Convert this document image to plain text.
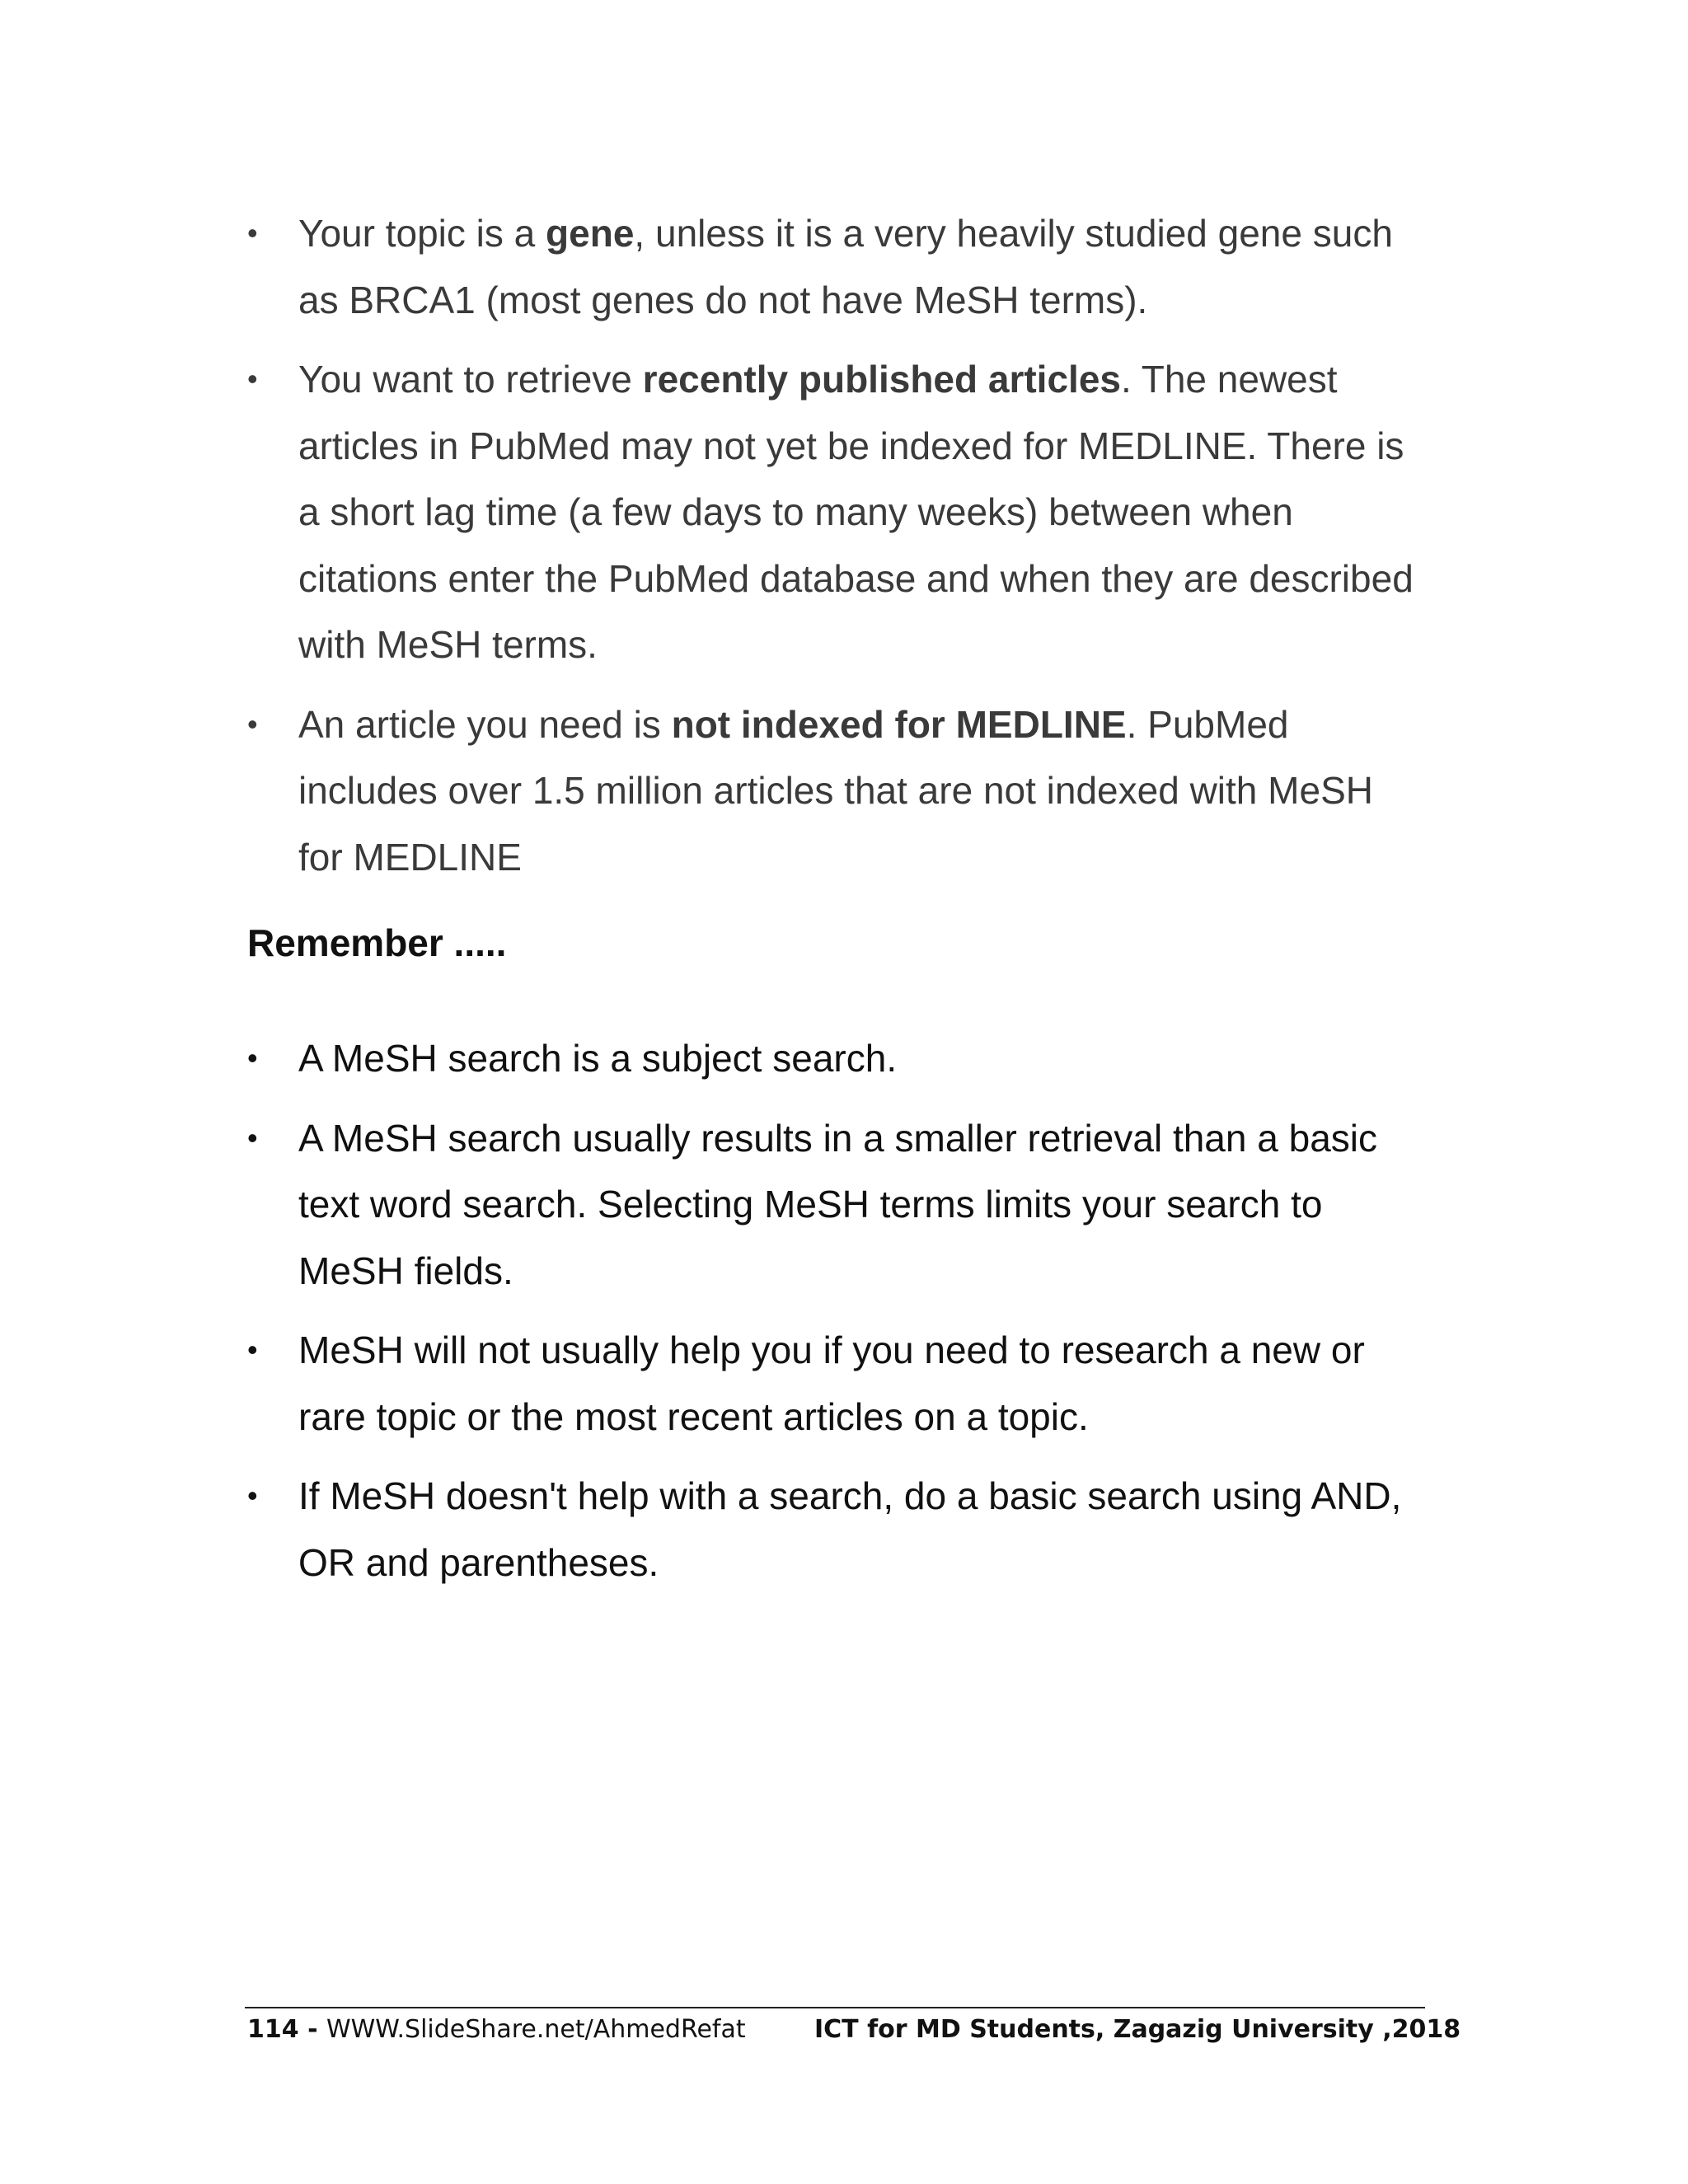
• Your topic is a gene, unless it is a very heavily studied gene such as BRCA1 (most genes do not have MeSH terms).
• You want to retrieve recently published articles. The newest articles in PubMed may not yet be indexed for MEDLINE. There is a short lag time (a few days to many weeks) between when citations enter the PubMed database and when they are described with MeSH terms.
• An article you need is not indexed for MEDLINE. PubMed includes over 1.5 million articles that are not indexed with MeSH for MEDLINE
Remember .....
• A MeSH search is a subject search.
• A MeSH search usually results in a smaller retrieval than a basic text word search. Selecting MeSH terms limits your search to MeSH fields.
• MeSH will not usually help you if you need to research a new or rare topic or the most recent articles on a topic.
• If MeSH doesn't help with a search, do a basic search using AND, OR and parentheses.
114 - WWW.SlideShare.net/AhmedRefat	ICT for MD Students, Zagazig University ,2018
